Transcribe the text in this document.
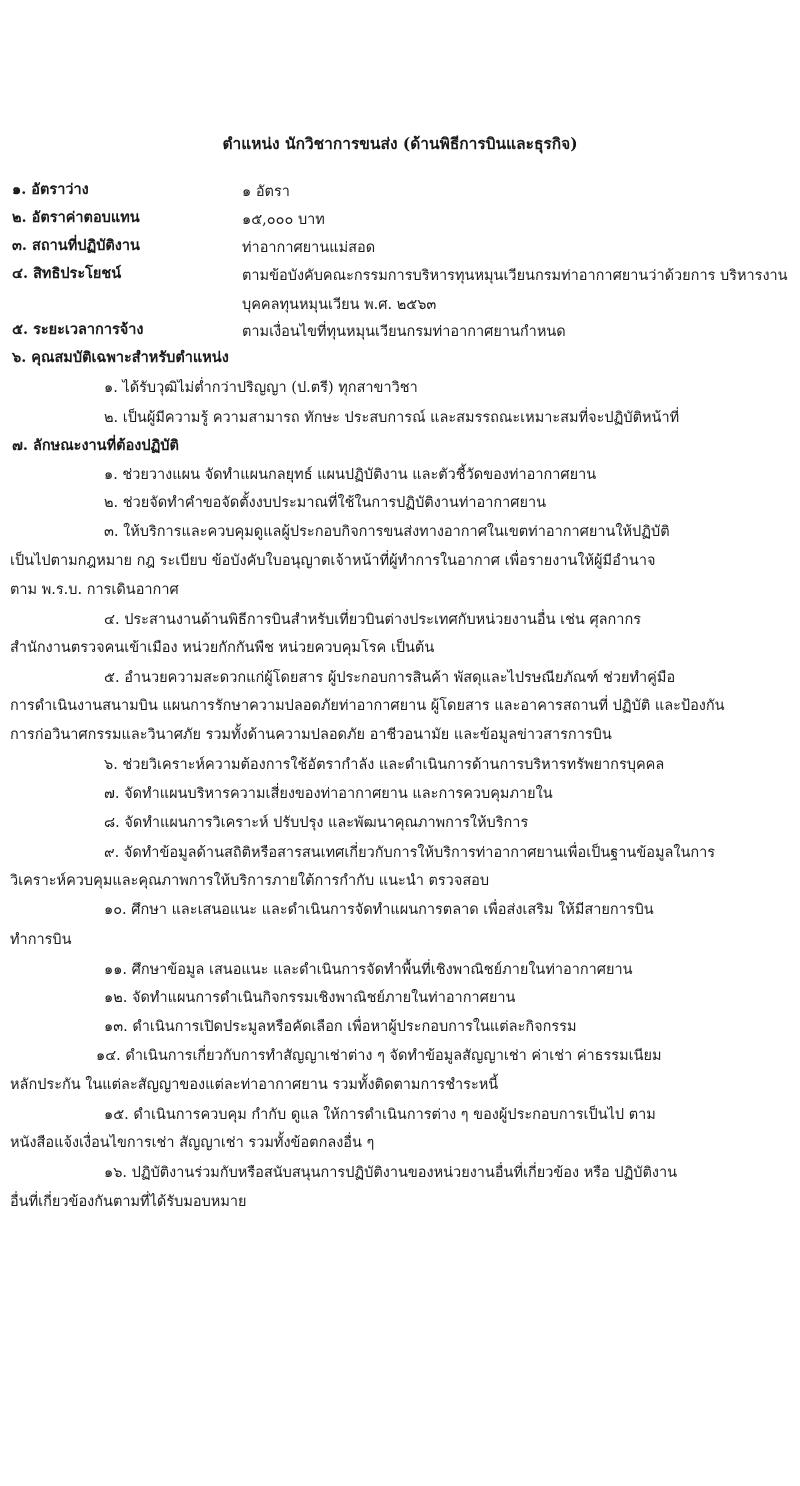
ตำแหน่ง นักวิชาการขนส่ง (ด้านพิธีการบินและธุรกิจ)
๑. อัตราว่าง	๑ อัตรา
๒. อัตราค่าตอบแทน	๑๕,๐๐๐ บาท
๓. สถานที่ปฏิบัติงาน	ท่าอากาศยานแม่สอด
๔. สิทธิประโยชน์	ตามข้อบังคับคณะกรรมการบริหารทุนหมุนเวียนกรมท่าอากาศยานว่าด้วยการ บริหารงานบุคคลทุนหมุนเวียน พ.ศ. ๒๕๖๓
๕. ระยะเวลาการจ้าง	ตามเงื่อนไขที่ทุนหมุนเวียนกรมท่าอากาศยานกำหนด
๖. คุณสมบัติเฉพาะสำหรับตำแหน่ง
๑. ได้รับวุฒิไม่ต่ำกว่าปริญญา (ป.ตรี) ทุกสาขาวิชา
๒. เป็นผู้มีความรู้ ความสามารถ ทักษะ ประสบการณ์ และสมรรถณะเหมาะสมที่จะปฏิบัติหน้าที่
๗. ลักษณะงานที่ต้องปฏิบัติ
๑. ช่วยวางแผน จัดทำแผนกลยุทธ์ แผนปฏิบัติงาน และตัวชี้วัดของท่าอากาศยาน
๒. ช่วยจัดทำคำขอจัดตั้งงบประมาณที่ใช้ในการปฏิบัติงานท่าอากาศยาน
๓. ให้บริการและควบคุมดูแลผู้ประกอบกิจการขนส่งทางอากาศในเขตท่าอากาศยานให้ปฏิบัติ
เป็นไปตามกฎหมาย กฎ ระเบียบ ข้อบังคับใบอนุญาตเจ้าหน้าที่ผู้ทำการในอากาศ เพื่อรายงานให้ผู้มีอำนาจ
ตาม พ.ร.บ. การเดินอากาศ
๔. ประสานงานด้านพิธีการบินสำหรับเที่ยวบินต่างประเทศกับหน่วยงานอื่น เช่น ศุลกากร
สำนักงานตรวจคนเข้าเมือง หน่วยกักกันพืช หน่วยควบคุมโรค เป็นต้น
๕. อำนวยความสะดวกแก่ผู้โดยสาร ผู้ประกอบการสินค้า พัสดุและไปรษณียภัณฑ์ ช่วยทำคู่มือ
การดำเนินงานสนามบิน แผนการรักษาความปลอดภัยท่าอากาศยาน ผู้โดยสาร และอาคารสถานที่ ปฏิบัติ และป้องกัน
การก่อวินาศกรรมและวินาศภัย รวมทั้งด้านความปลอดภัย อาชีวอนามัย และข้อมูลข่าวสารการบิน
๖. ช่วยวิเคราะห์ความต้องการใช้อัตรากำลัง และดำเนินการด้านการบริหารทรัพยากรบุคคล
๗. จัดทำแผนบริหารความเสี่ยงของท่าอากาศยาน และการควบคุมภายใน
๘. จัดทำแผนการวิเคราะห์ ปรับปรุง และพัฒนาคุณภาพการให้บริการ
๙. จัดทำข้อมูลด้านสถิติหรือสารสนเทศเกี่ยวกับการให้บริการท่าอากาศยานเพื่อเป็นฐานข้อมูลในการ
วิเคราะห์ควบคุมและคุณภาพการให้บริการภายใต้การกำกับ แนะนำ ตรวจสอบ
๑๐. ศึกษา และเสนอแนะ และดำเนินการจัดทำแผนการตลาด เพื่อส่งเสริม ให้มีสายการบิน
ทำการบิน
๑๑. ศึกษาข้อมูล เสนอแนะ และดำเนินการจัดทำพื้นที่เชิงพาณิชย์ภายในท่าอากาศยาน
๑๒. จัดทำแผนการดำเนินกิจกรรมเชิงพาณิชย์ภายในท่าอากาศยาน
๑๓. ดำเนินการเปิดประมูลหรือคัดเลือก เพื่อหาผู้ประกอบการในแต่ละกิจกรรม
๑๔. ดำเนินการเกี่ยวกับการทำสัญญาเช่าต่าง ๆ จัดทำข้อมูลสัญญาเช่า ค่าเช่า ค่าธรรมเนียม
หลักประกัน ในแต่ละสัญญาของแต่ละท่าอากาศยาน รวมทั้งติดตามการชำระหนี้
๑๕. ดำเนินการควบคุม กำกับ ดูแล ให้การดำเนินการต่าง ๆ ของผู้ประกอบการเป็นไป ตาม
หนังสือแจ้งเงื่อนไขการเช่า สัญญาเช่า รวมทั้งข้อตกลงอื่น ๆ
๑๖. ปฏิบัติงานร่วมกับหรือสนับสนุนการปฏิบัติงานของหน่วยงานอื่นที่เกี่ยวข้อง หรือ ปฏิบัติงาน
อื่นที่เกี่ยวข้องกันตามที่ได้รับมอบหมาย
